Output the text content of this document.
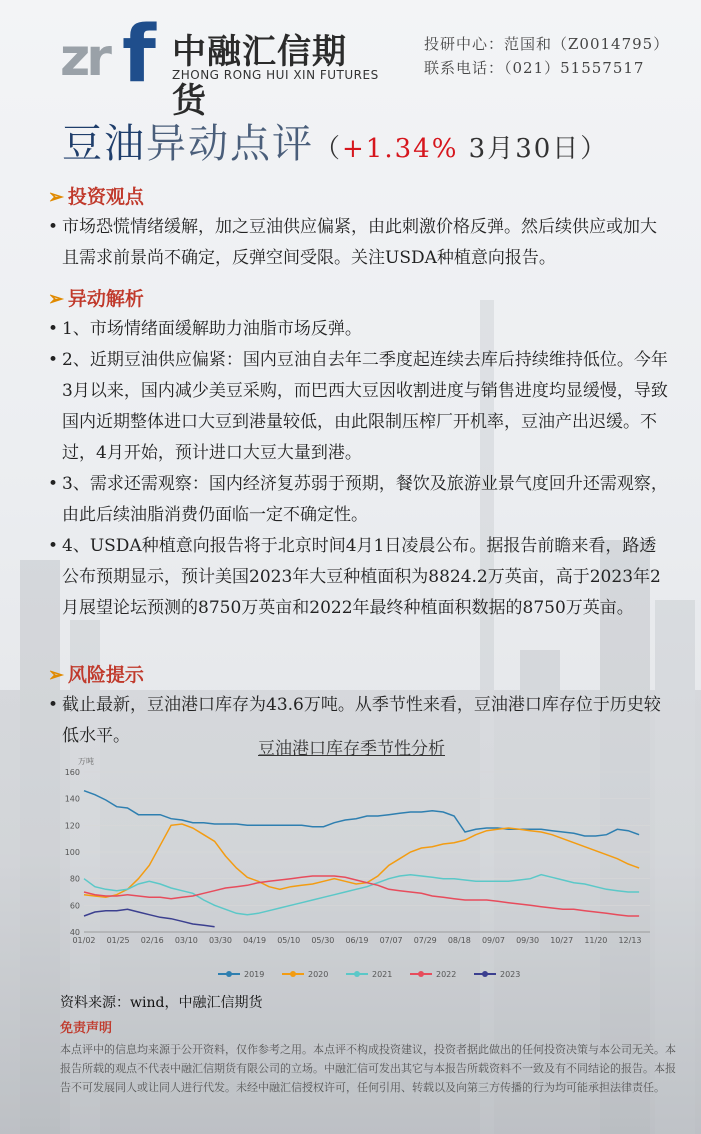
zr f 中融汇信期货
ZHONG RONG HUI XIN FUTURES
投研中心：范国和（Z0014795）
联系电话：（021）51557517
豆油异动点评（+1.34% 3月30日）
➢ 投资观点
• 市场恐慌情绪缓解，加之豆油供应偏紧，由此刺激价格反弹。然后续供应或加大且需求前景尚不确定，反弹空间受限。关注USDA种植意向报告。
➢ 异动解析
• 1、市场情绪面缓解助力油脂市场反弹。
• 2、近期豆油供应偏紧：国内豆油自去年二季度起连续去库后持续维持低位。今年3月以来，国内减少美豆采购，而巴西大豆因收割进度与销售进度均显缓慢，导致国内近期整体进口大豆到港量较低，由此限制压榨厂开机率，豆油产出迟缓。不过，4月开始，预计进口大豆大量到港。
• 3、需求还需观察：国内经济复苏弱于预期，餐饮及旅游业景气度回升还需观察，由此后续油脂消费仍面临一定不确定性。
• 4、USDA种植意向报告将于北京时间4月1日凌晨公布。据报告前瞻来看，路透公布预期显示，预计美国2023年大豆种植面积为8824.2万英亩，高于2023年2月展望论坛预测的8750万英亩和2022年最终种植面积数据的8750万英亩。
➢ 风险提示
• 截止最新，豆油港口库存为43.6万吨。从季节性来看，豆油港口库存位于历史较低水平。
豆油港口库存季节性分析
万吨
160
140
120
100
80
60
40
01/02 01/25 02/16 03/10 03/30 04/19 05/10 05/30 06/19 07/07 07/29 08/18 09/07 09/30 10/27 11/20 12/13
2019	2020	2021	2022	2023
资料来源：wind，中融汇信期货
免责声明
本点评中的信息均来源于公开资料，仅作参考之用。本点评不构成投资建议，投资者据此做出的任何投资决策与本公司无关。本报告所载的观点不代表中融汇信期货有限公司的立场。中融汇信可发出其它与本报告所载资料不一致及有不同结论的报告。本报告不可发展同人或让同人进行代发。未经中融汇信授权许可，任何引用、转载以及向第三方传播的行为均可能承担法律责任。
